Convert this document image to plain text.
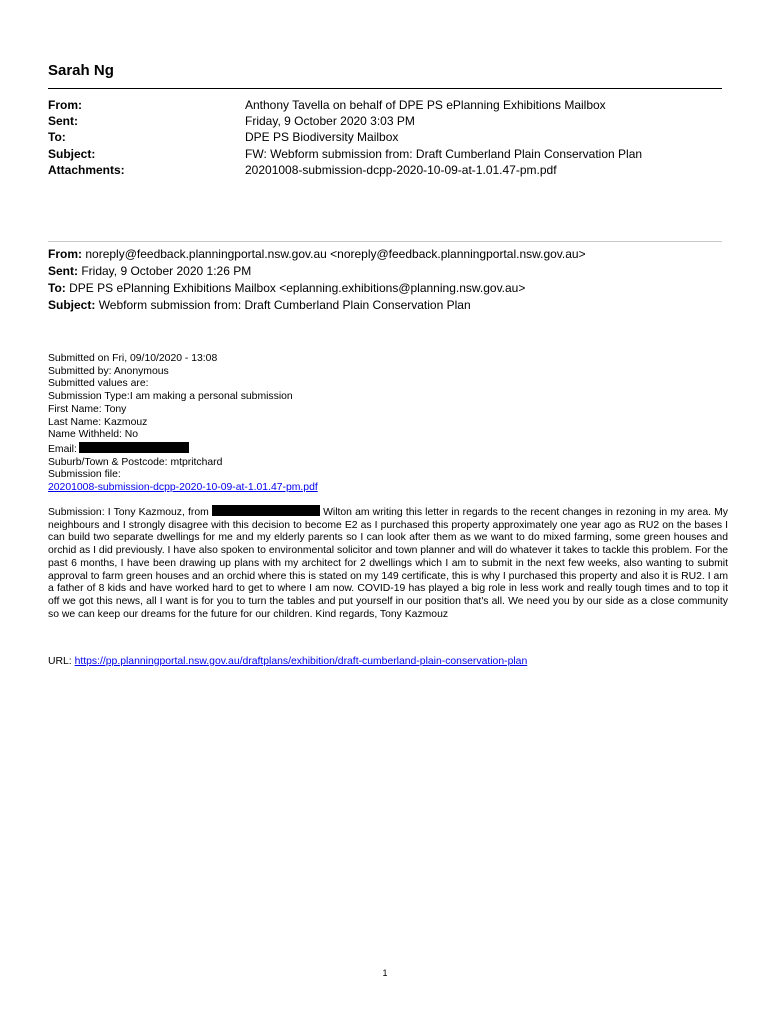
Sarah Ng
From:	Anthony Tavella on behalf of DPE PS ePlanning Exhibitions Mailbox
Sent:	Friday, 9 October 2020 3:03 PM
To:	DPE PS Biodiversity Mailbox
Subject:	FW: Webform submission from: Draft Cumberland Plain Conservation Plan
Attachments:	20201008-submission-dcpp-2020-10-09-at-1.01.47-pm.pdf
From: noreply@feedback.planningportal.nsw.gov.au <noreply@feedback.planningportal.nsw.gov.au>
Sent: Friday, 9 October 2020 1:26 PM
To: DPE PS ePlanning Exhibitions Mailbox <eplanning.exhibitions@planning.nsw.gov.au>
Subject: Webform submission from: Draft Cumberland Plain Conservation Plan

Submitted on Fri, 09/10/2020 - 13:08

Submitted by: Anonymous

Submitted values are:

Submission Type:I am making a personal submission

First Name: Tony

Last Name: Kazmouz

Name Withheld: No

Email:

Suburb/Town & Postcode: mtpritchard

Submission file:

20201008-submission-dcpp-2020-10-09-at-1.01.47-pm.pdf

Submission: I Tony Kazmouz, from	Wilton am writing this letter in regards to the recent changes in rezoning in my area. My neighbours and I strongly disagree with this decision to become E2 as I purchased this property approximately one year ago as RU2 on the bases I can build two separate dwellings for me and my elderly parents so I can look after them as we want to do mixed farming, some green houses and orchid as I did previously. I have also spoken to environmental solicitor and town planner and will do whatever it takes to tackle this problem. For the past 6 months, I have been drawing up plans with my architect for 2 dwellings which I am to submit in the next few weeks, also wanting to submit approval to farm green houses and an orchid where this is stated on my 149 certificate, this is why I purchased this property and also it is RU2. I am a father of 8 kids and have worked hard to get to where I am now. COVID-19 has played a big role in less work and really tough times and to top it off we got this news, all I want is for you to turn the tables and put yourself in our position that's all. We need you by our side as a close community so we can keep our dreams for the future for our children. Kind regards, Tony Kazmouz

URL: https://pp.planningportal.nsw.gov.au/draftplans/exhibition/draft-cumberland-plain-conservation-plan

1
